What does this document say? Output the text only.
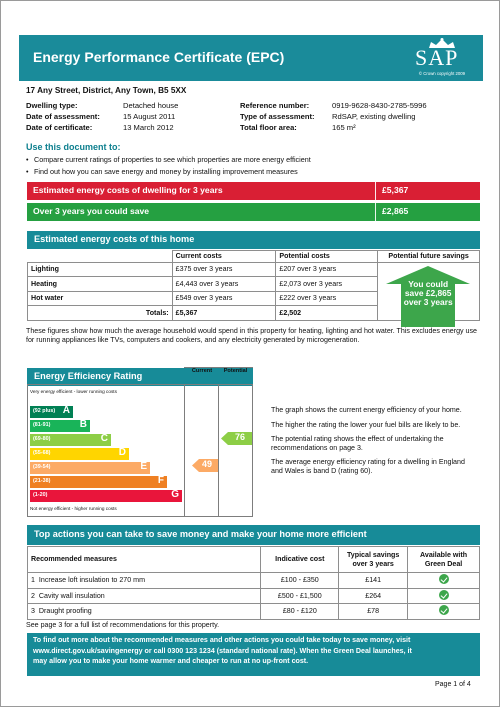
Energy Performance Certificate (EPC)	SAP
© Crown copyright 2009
17 Any Street, District, Any Town, B5 5XX
Dwelling type:	Detached house	Reference number:	0919-9628-8430-2785-5996
Date of assessment:	15 August 2011	Type of assessment: RdSAP, existing dwelling
Date of certificate:	13 March 2012	Total floor area:	165 m²
Use this document to:
Compare current ratings of properties to see which properties are more energy efficient
Find out how you can save energy and money by installing improvement measures
Estimated energy costs of dwelling for 3 years	£5,367
Over 3 years you could save	£2,865
Estimated energy costs of this home
	Current costs	Potential costs	Potential future savings
Lighting	£375 over 3 years	£207 over 3 years	You could
save £2,865
over 3 years

Heating	£4,443 over 3 years	£2,073 over 3 years	
Hot water	£549 over 3 years	£222 over 3 years	
Totals:	£5,367	£2,502	
These figures show how much the average household would spend in this property for heating, lighting and hot water. This excludes energy use for running appliances like TVs, computers and cookers, and any electricity generated by microgeneration.
Energy Efficiency Rating
Very energy efficient - lower running costs
Not energy efficient - higher running costs
Current	Potential
(92 plus) A
(81-91)	B
(69-80)	C
(55-68)	D
(39-54)	E
(21-38)	F
(1-20)	G
76
49

The graph shows the current energy efficiency of your home.

The higher the rating the lower your fuel bills are likely to be.

The potential rating shows the effect of undertaking the recommendations on page 3.

The average energy efficiency rating for a dwelling in England and Wales is band D (rating 60).

Top actions you can take to save money and make your home more efficient
Recommended measures	Indicative cost	Typical savings over 3 years	Available with Green Deal
1 Increase loft insulation to 270 mm	£100 - £350	£141	
2 Cavity wall insulation	£500 - £1,500	£264	
3 Draught proofing	£80 - £120	£78	
See page 3 for a full list of recommendations for this property.

To find out more about the recommended measures and other actions you could take today to save money, visit

www.direct.gov.uk/savingenergy or call 0300 123 1234 (standard national rate). When the Green Deal launches, it

may allow you to make your home warmer and cheaper to run at no up-front cost.

Page 1 of 4
